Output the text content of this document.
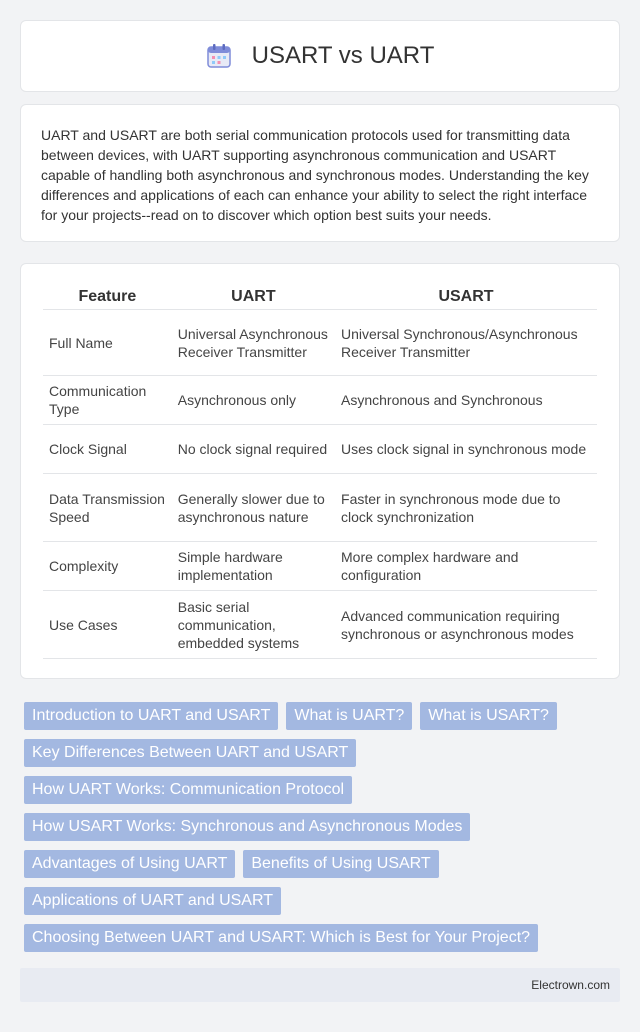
USART vs UART

UART and USART are both serial communication protocols used for transmitting data between devices, with UART supporting asynchronous communication and USART capable of handling both asynchronous and synchronous modes. Understanding the key differences and applications of each can enhance your ability to select the right interface for your projects--read on to discover which option best suits your needs.

Feature	UART	USART
Full Name	Universal Asynchronous Receiver Transmitter	Universal Synchronous/Asynchronous Receiver Transmitter
Communication Type	Asynchronous only	Asynchronous and Synchronous
Clock Signal	No clock signal required	Uses clock signal in synchronous mode
Data Transmission Speed	Generally slower due to asynchronous nature	Faster in synchronous mode due to clock synchronization
Complexity	Simple hardware implementation	More complex hardware and configuration
Use Cases	Basic serial communication, embedded systems	Advanced communication requiring synchronous or asynchronous modes
Introduction to UART and USART	What is UART?	What is USART?
Key Differences Between UART and USART
How UART Works: Communication Protocol
How USART Works: Synchronous and Asynchronous Modes
Advantages of Using UART	Benefits of Using USART
Applications of UART and USART
Choosing Between UART and USART: Which is Best for Your Project?
Electrown.com
